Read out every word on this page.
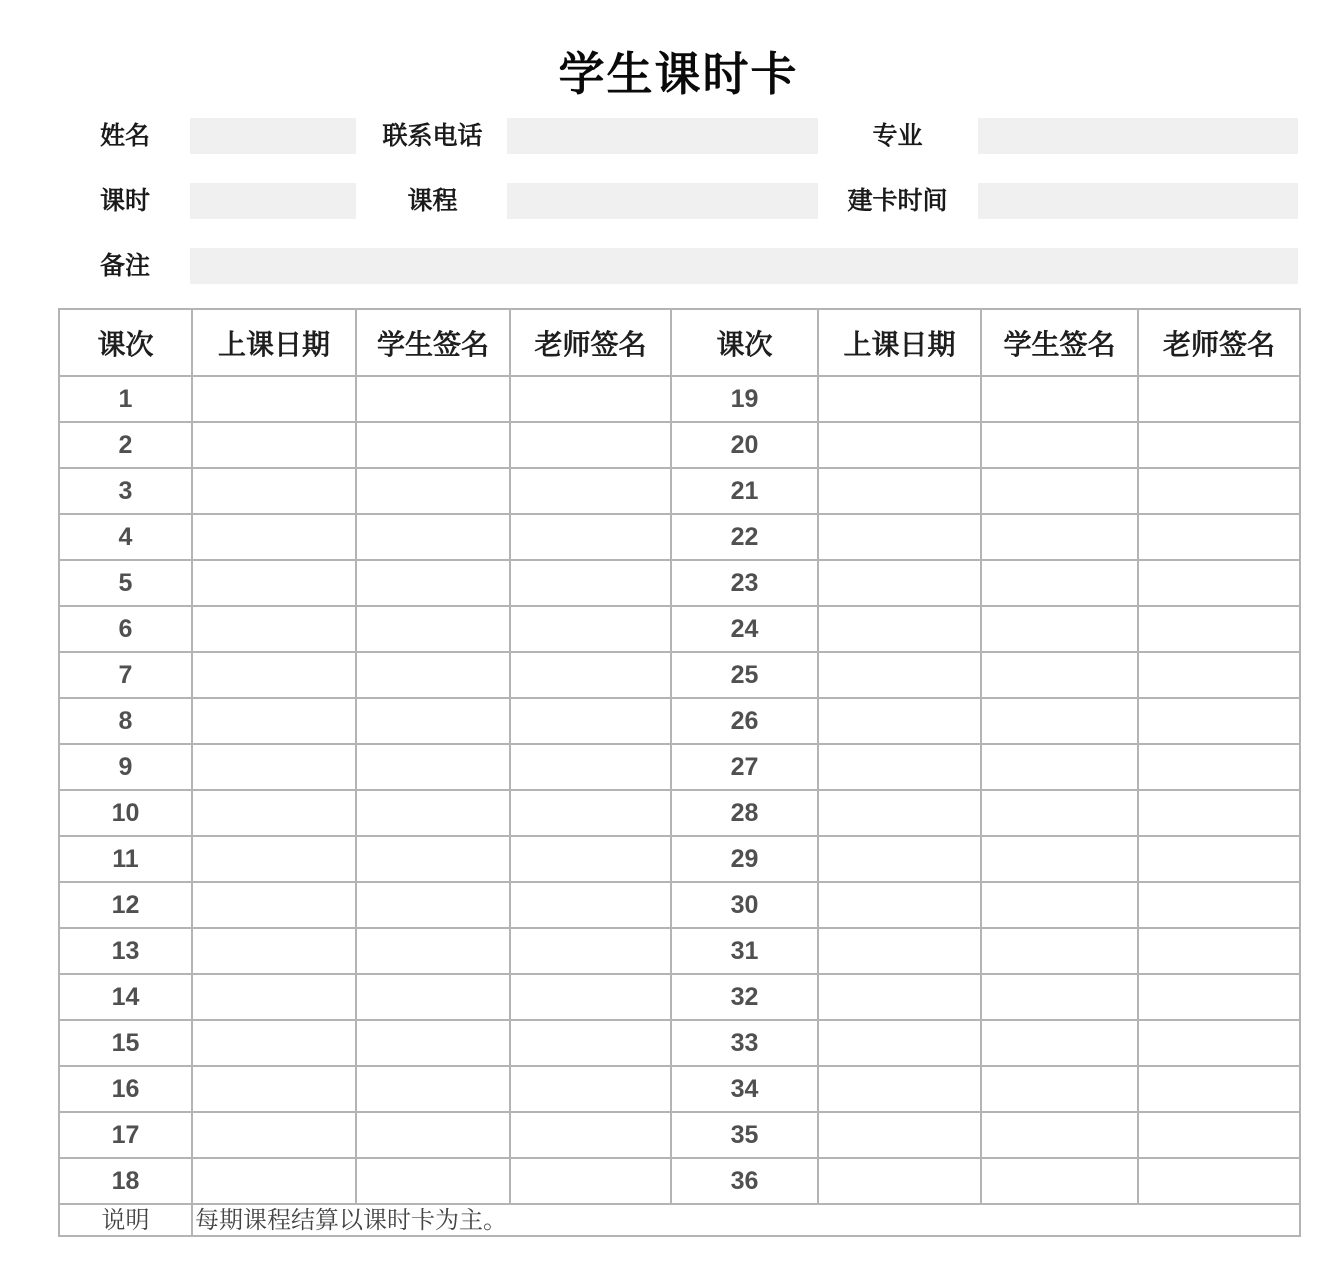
学生课时卡
姓名	联系电话	专业
课时	课程	建卡时间
备注
课次	上课日期	学生签名	老师签名	课次	上课日期	学生签名	老师签名
1				19			
2				20			
3				21			
4				22			
5				23			
6				24			
7				25			
8				26			
9				27			
10				28			
11				29			
12				30			
13				31			
14				32			
15				33			
16				34			
17				35			
18				36			
说明	每期课程结算以课时卡为主。						
